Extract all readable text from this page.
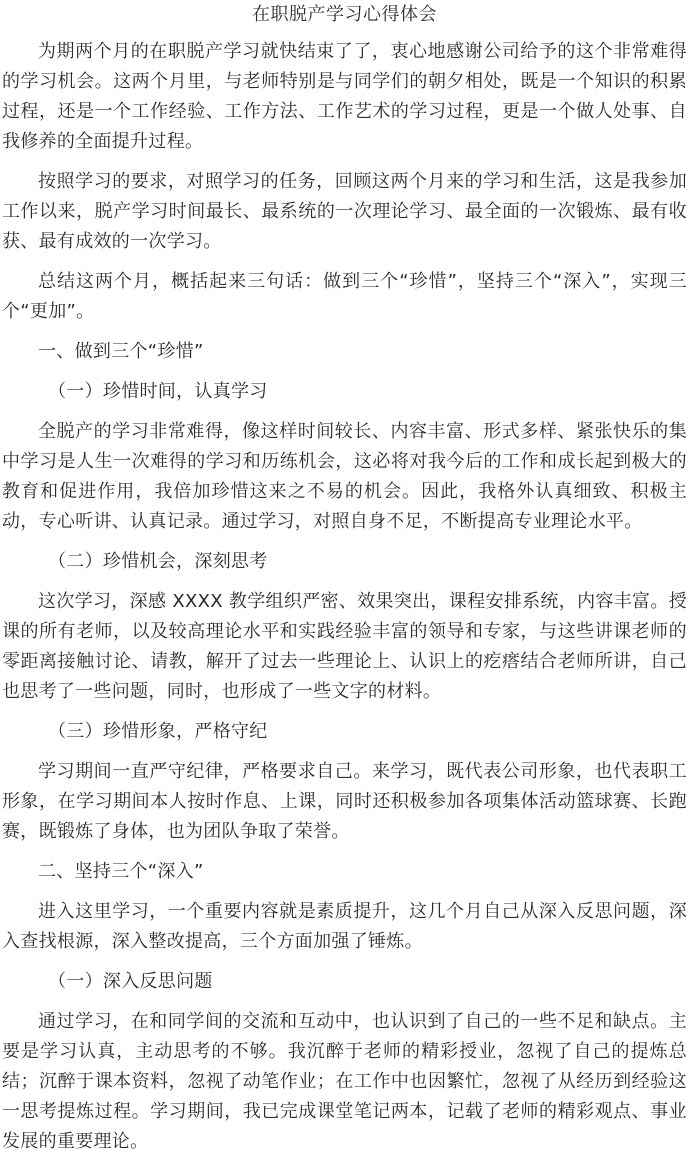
在职脱产学习心得体会
为期两个月的在职脱产学习就快结束了了，衷心地感谢公司给予的这个非常难得的学习机会。这两个月里，与老师特别是与同学们的朝夕相处，既是一个知识的积累过程，还是一个工作经验、工作方法、工作艺术的学习过程，更是一个做人处事、自我修养的全面提升过程。
按照学习的要求，对照学习的任务，回顾这两个月来的学习和生活，这是我参加工作以来，脱产学习时间最长、最系统的一次理论学习、最全面的一次锻炼、最有收获、最有成效的一次学习。
总结这两个月，概括起来三句话：做到三个“珍惜”，坚持三个“深入”，实现三个“更加”。
一、做到三个“珍惜”
（一）珍惜时间，认真学习
全脱产的学习非常难得，像这样时间较长、内容丰富、形式多样、紧张快乐的集中学习是人生一次难得的学习和历练机会，这必将对我今后的工作和成长起到极大的教育和促进作用，我倍加珍惜这来之不易的机会。因此，我格外认真细致、积极主动，专心听讲、认真记录。通过学习，对照自身不足，不断提高专业理论水平。
（二）珍惜机会，深刻思考
这次学习，深感 XXXX 教学组织严密、效果突出，课程安排系统，内容丰富。授课的所有老师，以及较高理论水平和实践经验丰富的领导和专家，与这些讲课老师的零距离接触讨论、请教，解开了过去一些理论上、认识上的疙瘩结合老师所讲，自己也思考了一些问题，同时，也形成了一些文字的材料。
（三）珍惜形象，严格守纪
学习期间一直严守纪律，严格要求自己。来学习，既代表公司形象，也代表职工形象，在学习期间本人按时作息、上课，同时还积极参加各项集体活动篮球赛、长跑赛，既锻炼了身体，也为团队争取了荣誉。
二、坚持三个“深入”
进入这里学习，一个重要内容就是素质提升，这几个月自己从深入反思问题，深入查找根源，深入整改提高，三个方面加强了锤炼。
（一）深入反思问题
通过学习，在和同学间的交流和互动中，也认识到了自己的一些不足和缺点。主要是学习认真，主动思考的不够。我沉醉于老师的精彩授业，忽视了自己的提炼总结；沉醉于课本资料，忽视了动笔作业；在工作中也因繁忙，忽视了从经历到经验这一思考提炼过程。学习期间，我已完成课堂笔记两本，记载了老师的精彩观点、事业发展的重要理论。
